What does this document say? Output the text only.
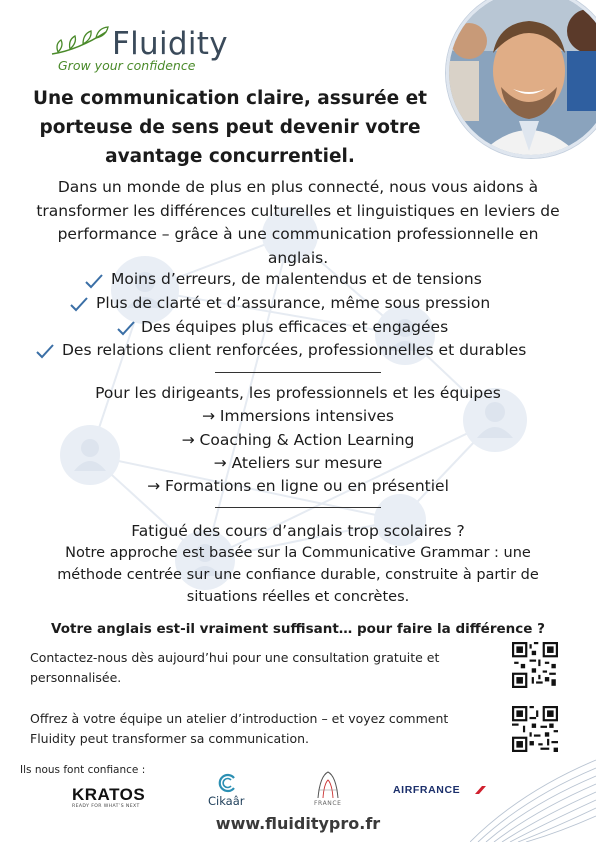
Fluidity
Grow your confidence
Une communication claire, assurée et
porteuse de sens peut devenir votre
avantage concurrentiel.
Dans un monde de plus en plus connecté, nous vous aidons à
transformer les différences culturelles et linguistiques en leviers de
performance – grâce à une communication professionnelle en
anglais.
Moins d’erreurs, de malentendus et de tensions
Plus de clarté et d’assurance, même sous pression
Des équipes plus efficaces et engagées
Des relations client renforcées, professionnelles et durables
Pour les dirigeants, les professionnels et les équipes
→ Immersions intensives
→ Coaching & Action Learning
→ Ateliers sur mesure
→ Formations en ligne ou en présentiel
Fatigué des cours d’anglais trop scolaires ?
Notre approche est basée sur la Communicative Grammar : une
méthode centrée sur une confiance durable, construite à partir de
situations réelles et concrètes.
Votre anglais est-il vraiment suffisant… pour faire la différence ?
Contactez-nous dès aujourd’hui pour une consultation gratuite et
personnalisée.
Offrez à votre équipe un atelier d’introduction – et voyez comment
Fluidity peut transformer sa communication.
Ils nous font confiance :
KRATOS
READY FOR WHAT’S NEXT	Cikaâr	FRANCE
AIRFRANCE
www.fluiditypro.fr
